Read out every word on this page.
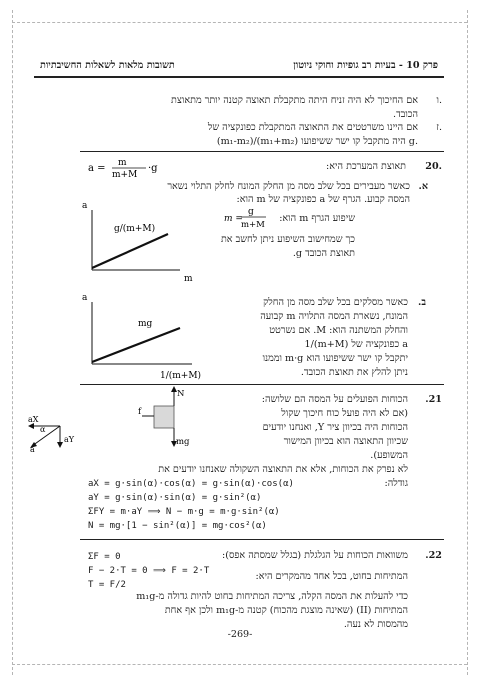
תשובות מלאות לשאלות החשיבתיות	פרק 10 - בעיות רב גופיות וחוקי ניוטון
.ו
אם החיכוך לא היה זניח היתה מתקבלת תאוצה קטנה יותר מתאוצת
הכובד.
.ז
אם היינו משרטטים את התאוצה המתקבלת כפונקציה של
(m₁-m₂)/(m₁+m₂) היה מתקבל קו ישר ששיפועו g.
20.
תאוצת המערכת היא:
a = m
m+M
·g
א.
כאשר מעבירים בכל שלב מסה מן החלק המונח לחלק התלוי נשאר
המסה קבוע. הגרף של a כפונקציה של m הוא:
a
g/(m+M)
m
שיפוע הגרף m הוא:
m =
g
m+M
כך שמחישוב השיפוע ניתן לחשב את
תאוצת הכובד g.
a
mg
1/(m+M)
ב.
כאשר מסלקים בכל שלב מסה מן החלק
המונח, נשארת המסה התלויה m קבועה
והחלק המשתנה הוא: M. אם נשרטט
1/(m+M) כפונקציה של a
יתקבל קו ישר ששיפועו הוא m·g וממנו
ניתן להלץ את תאוצת הכובד.
N
f
mg
aX
aY
a
α
.21
הכוחות הפועלים על המסה הם שלושה:
(אם לא היה פועל כוח חיכוך שקול
הכוחות היה בכיוון ציר Y, ואנחנו יודעים
שכיוון התאוצה הוא בכיוון המישור
המשופע).
לא נפרק את הכוחות, אלא את התאוצה השקולה שאנחנו יודעים את
גודלה:
aX = g·sin(α)·cos(α) = g·sin(α)·cos(α)
aY = g·sin(α)·sin(α) = g·sin²(α)
ΣFY = m·aY ⟹ N − m·g = m·g·sin²(α)
N = mg·[1 − sin²(α)] = mg·cos²(α)
.22
משוואות הכוחות על הגלגלת (בגלל שמסתה אפס):
ΣF = 0
F − 2·T = 0 ⟹ F = 2·T
T = F/2
המתיחות בחוט, בכל אחד מהמקרים היא:
כדי להעלות את המסה הקלה, צריכה המתיחות בחוט להיות גדולה מ-m₁g
המתיחות (II) (שאינה מוצגת מהכוח) קטנה מ-m₁g ולכן אף אחת
מהמסות לא נעה.
-269-
